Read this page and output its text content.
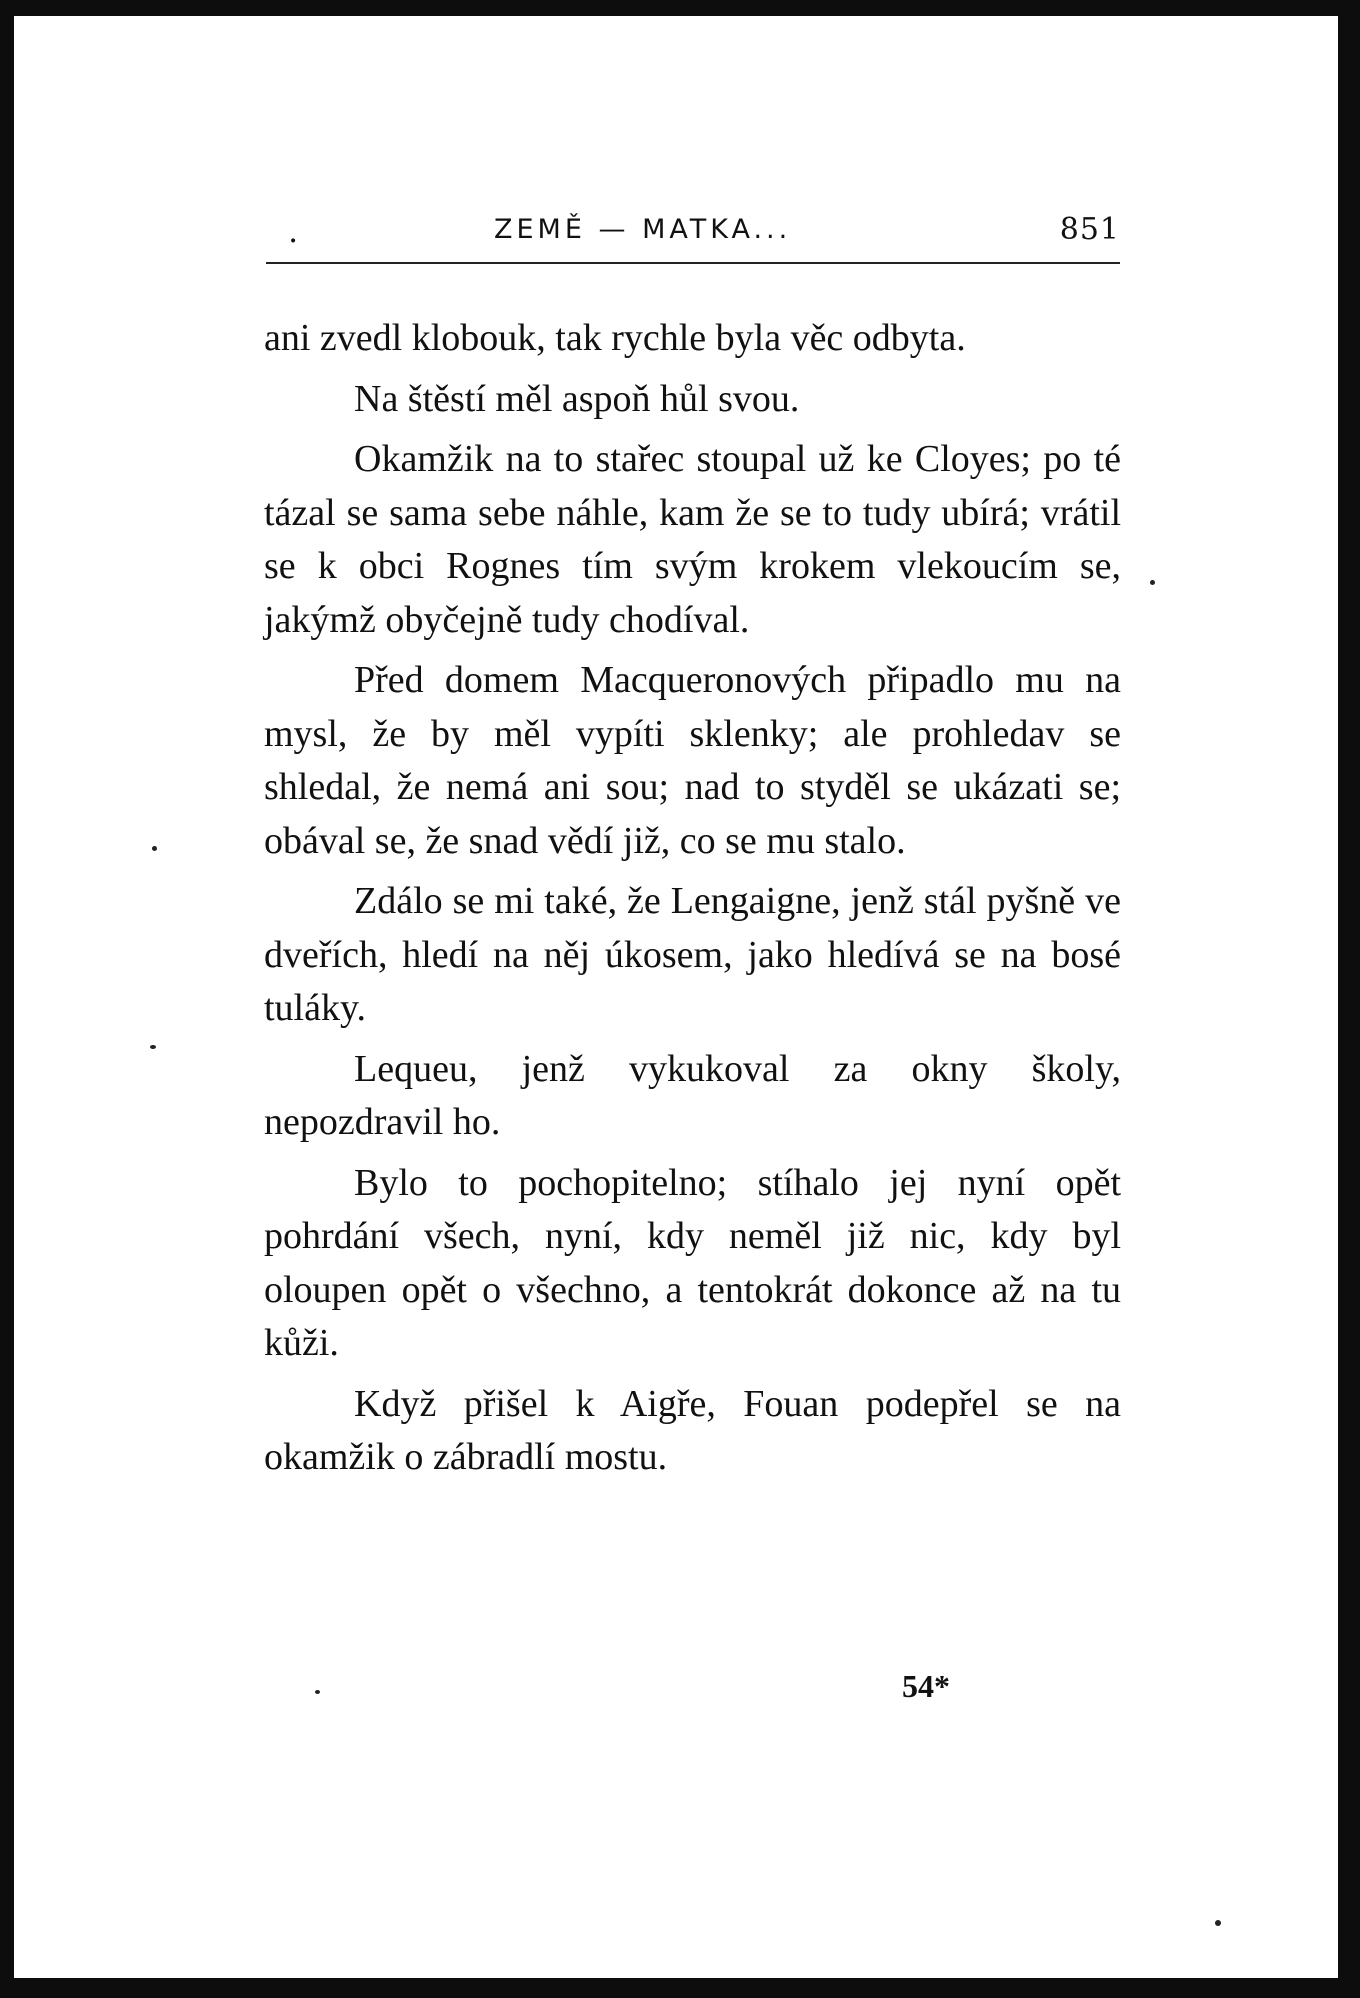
.	ZEMĚ — MATKA...	851

ani zvedl klobouk, tak rychle byla věc odbyta.

Na štěstí měl aspoň hůl svou.

Okamžik na to stařec stoupal už ke Cloyes; po té tázal se sama sebe náhle, kam že se to tudy ubírá; vrátil se k obci Rognes tím svým krokem vlekoucím se, jakýmž obyčejně tudy chodíval.

Před domem Macqueronových připadlo mu na mysl, že by měl vypíti sklenky; ale prohledav se shledal, že nemá ani sou; nad to styděl se ukázati se; obával se, že snad vědí již, co se mu stalo.

Zdálo se mi také, že Lengaigne, jenž stál pyšně ve dveřích, hledí na něj úkosem, jako hledívá se na bosé tuláky.

Lequeu, jenž vykukoval za okny školy, nepozdravil ho.

Bylo to pochopitelno; stíhalo jej nyní opět pohrdání všech, nyní, kdy neměl již nic, kdy byl oloupen opět o všechno, a tentokrát dokonce až na tu kůži.

Když přišel k Aigře, Fouan podepřel se na okamžik o zábradlí mostu.

54*
